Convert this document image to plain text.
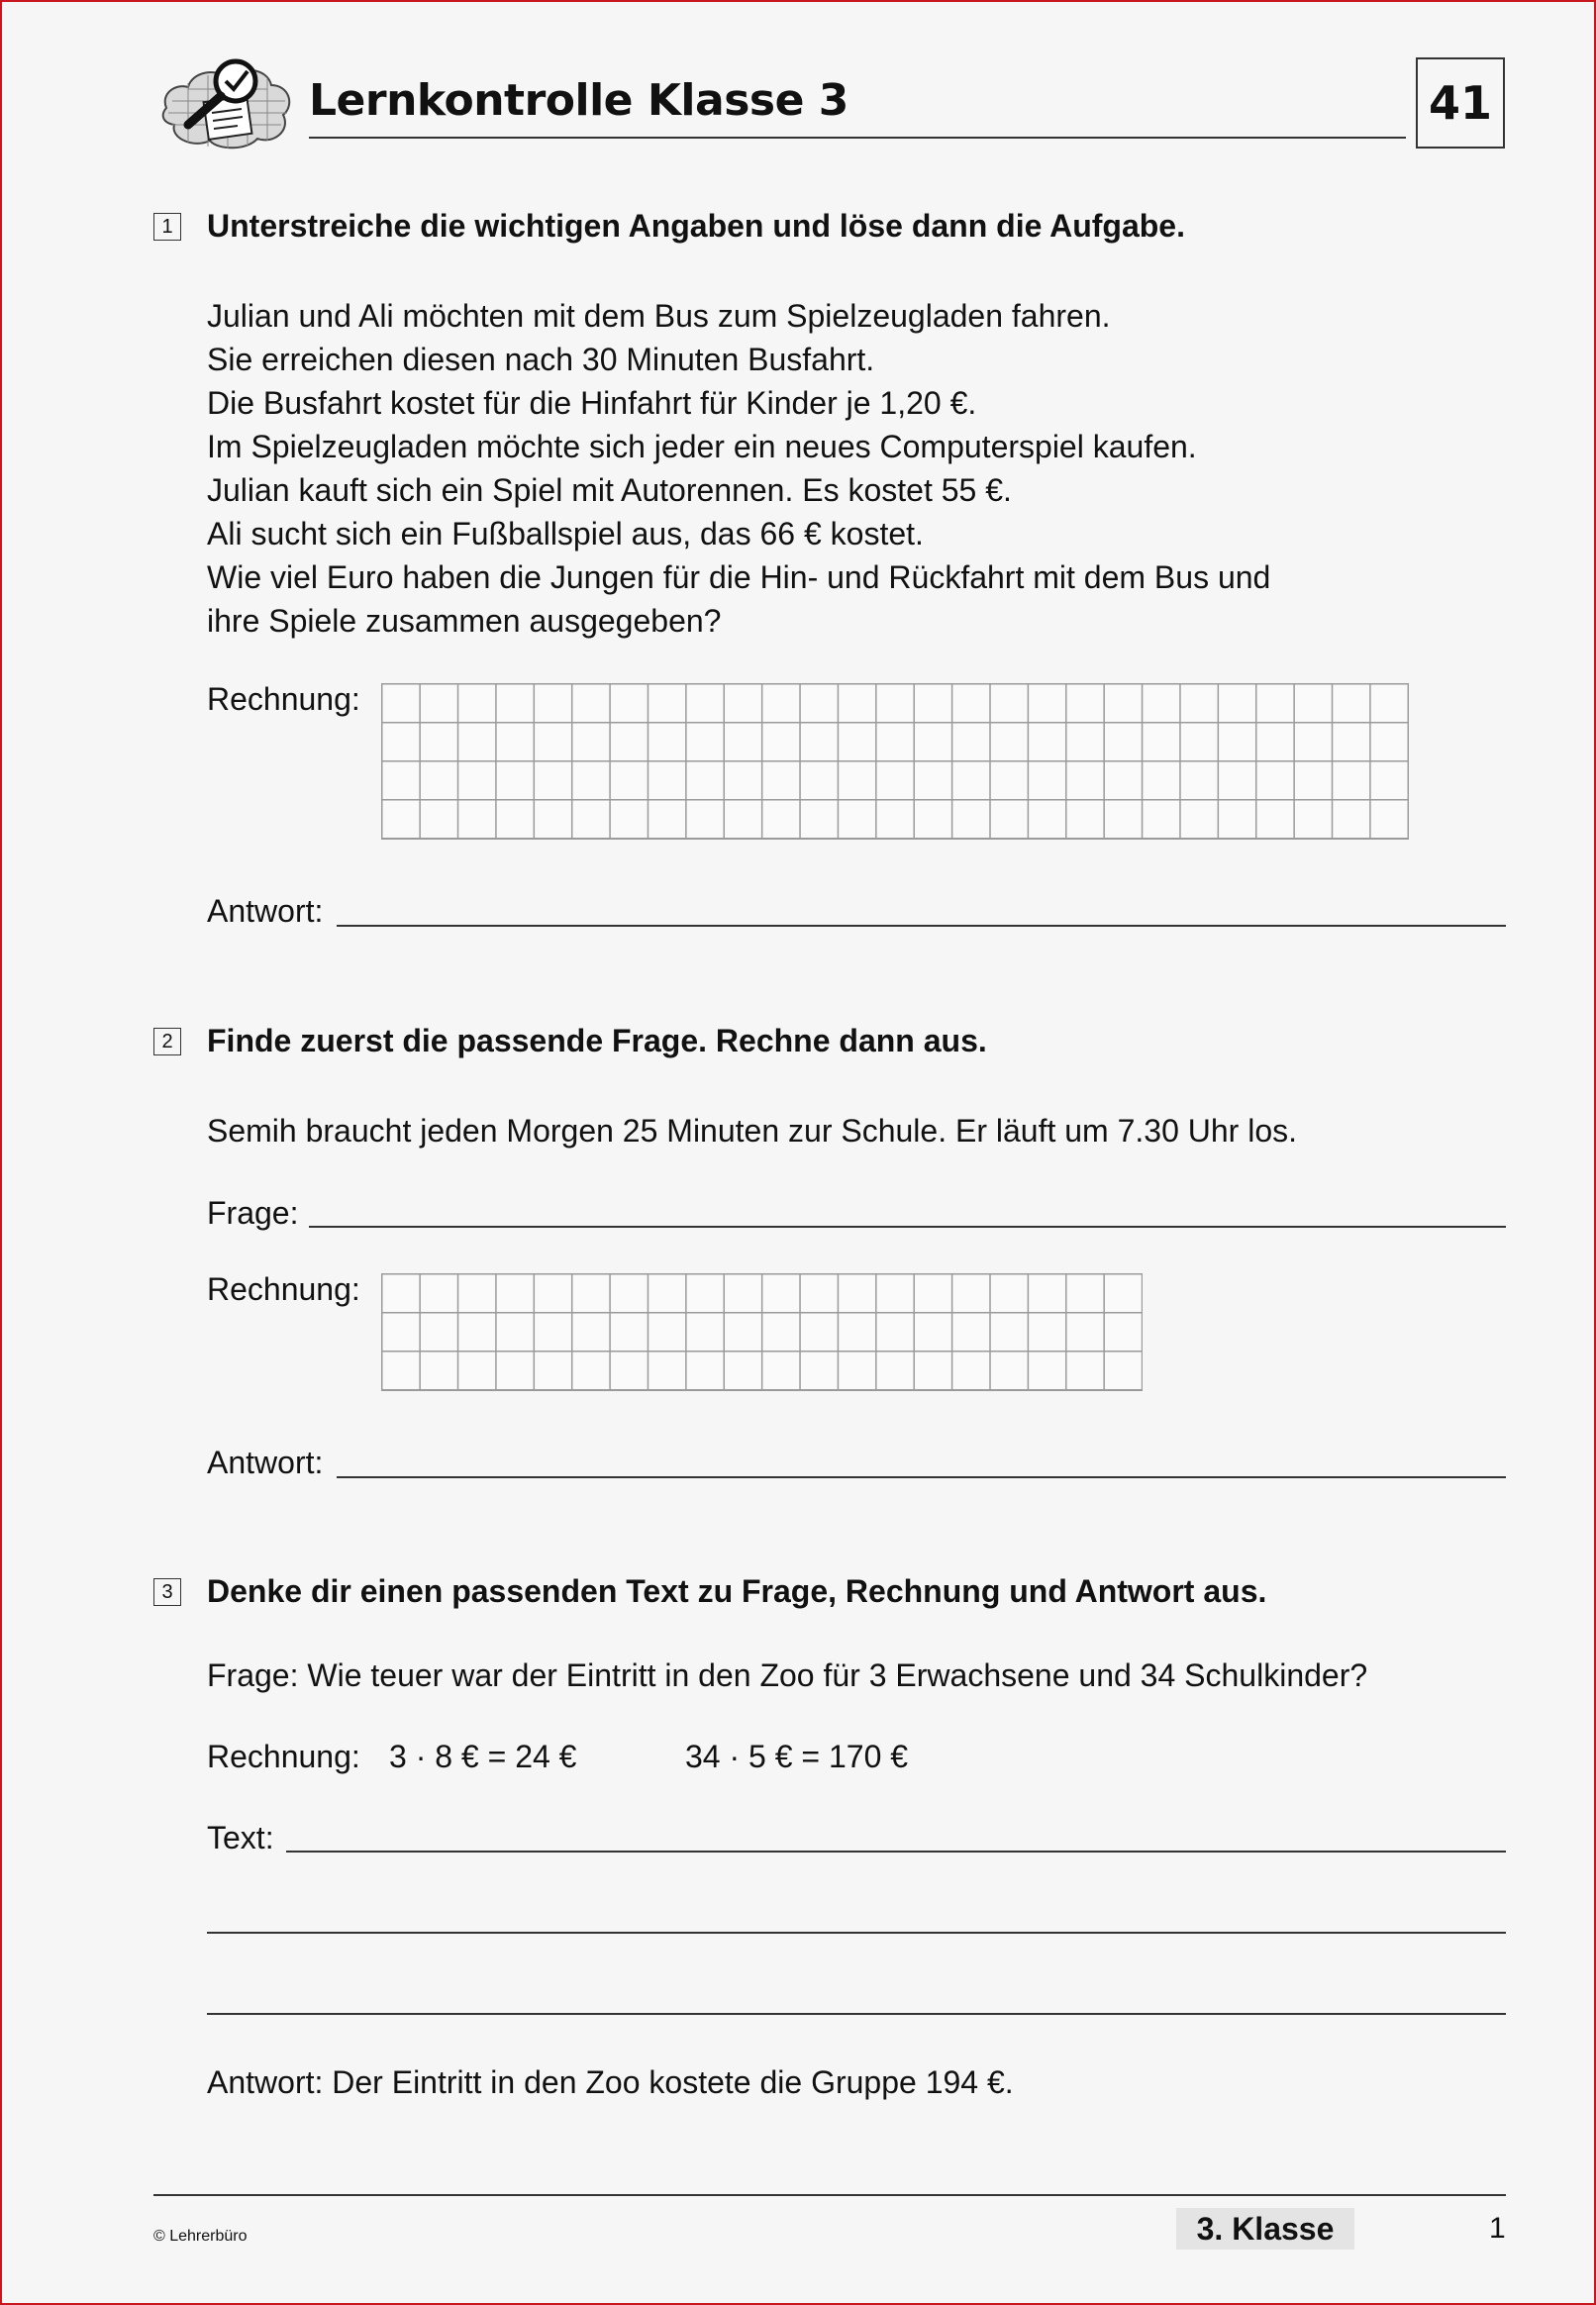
Lernkontrolle Klasse 3	41
1 Unterstreiche die wichtigen Angaben und löse dann die Aufgabe.
Julian und Ali möchten mit dem Bus zum Spielzeugladen fahren.
Sie erreichen diesen nach 30 Minuten Busfahrt.
Die Busfahrt kostet für die Hinfahrt für Kinder je 1,20 €.
Im Spielzeugladen möchte sich jeder ein neues Computerspiel kaufen.
Julian kauft sich ein Spiel mit Autorennen. Es kostet 55 €.
Ali sucht sich ein Fußballspiel aus, das 66 € kostet.
Wie viel Euro haben die Jungen für die Hin- und Rückfahrt mit dem Bus und
ihre Spiele zusammen ausgegeben?
Rechnung:
Antwort:
2 Finde zuerst die passende Frage. Rechne dann aus.
Semih braucht jeden Morgen 25 Minuten zur Schule. Er läuft um 7.30 Uhr los.
Frage:
Rechnung:
Antwort:
3 Denke dir einen passenden Text zu Frage, Rechnung und Antwort aus.
Frage: Wie teuer war der Eintritt in den Zoo für 3 Erwachsene und 34 Schulkinder?
Rechnung: 3 · 8 € = 24 €	34 · 5 € = 170 €
Text:
Antwort: Der Eintritt in den Zoo kostete die Gruppe 194 €.
© Lehrerbüro	3. Klasse	1
